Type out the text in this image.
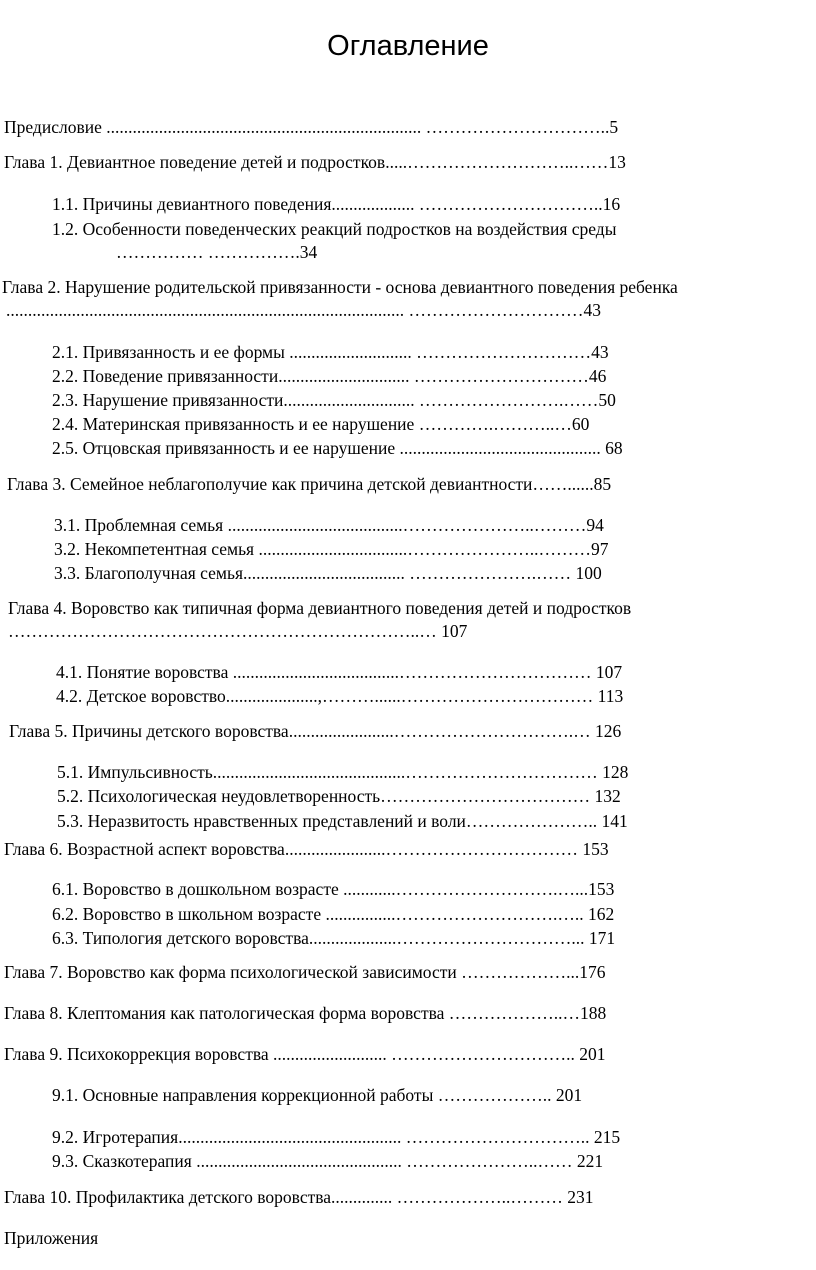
Оглавление
Предисловие ........................................................................ …………………………..5
Глава 1. Девиантное поведение детей и подростков.....………………………..……13
1.1. Причины девиантного поведения................... …………………………..16
1.2. Особенности поведенческих реакций подростков на воздействия среды
…………… …………….34
Глава 2. Нарушение родительской привязанности - основа девиантного поведения ребенка
........................................................................................... …………………………43
2.1. Привязанность и ее формы ............................ …………………………43
2.2. Поведение привязанности.............................. …………………………46
2.3. Нарушение привязанности.............................. …………………….……50
2.4. Материнская привязанность и ее нарушение ………….………..…60
2.5. Отцовская привязанность и ее нарушение .............................................. 68
Глава 3. Семейное неблагополучие как причина детской девиантности……......85
3.1. Проблемная семья ........................................…………………..………94
3.2. Некомпетентная семья ..................................…………………..………97
3.3. Благополучная семья..................................... ………………….…… 100
Глава 4. Воровство как типичная форма девиантного поведения детей и подростков
……………………………………………………………..… 107
4.1. Понятие воровства ......................................…………………………… 107
4.2. Детское воровство.....................,………......…………………………… 113
Глава 5. Причины детского воровства........................………………………….… 126
5.1. Импульсивность............................................…………………………… 128
5.2. Психологическая неудовлетворенность……………………………… 132
5.3. Неразвитость нравственных представлений и воли………………….. 141
Глава 6. Возрастной аспект воровства.......................…………………………… 153
6.1. Воровство в дошкольном возрасте ............……………………….…...153
6.2. Воровство в школьном возрасте ................……………………….….. 162
6.3. Типология детского воровства....................…………………………... 171
Глава 7. Воровство как форма психологической зависимости ………………...176
Глава 8. Клептомания как патологическая форма воровства ………………..…188
Глава 9. Психокоррекция воровства .......................... ………………………….. 201
9.1. Основные направления коррекционной работы ……………….. 201
9.2. Игротерапия................................................... ………………………….. 215
9.3. Сказкотерапия ............................................... …………………..…… 221
Глава 10. Профилактика детского воровства.............. ………………..……… 231
Приложения
